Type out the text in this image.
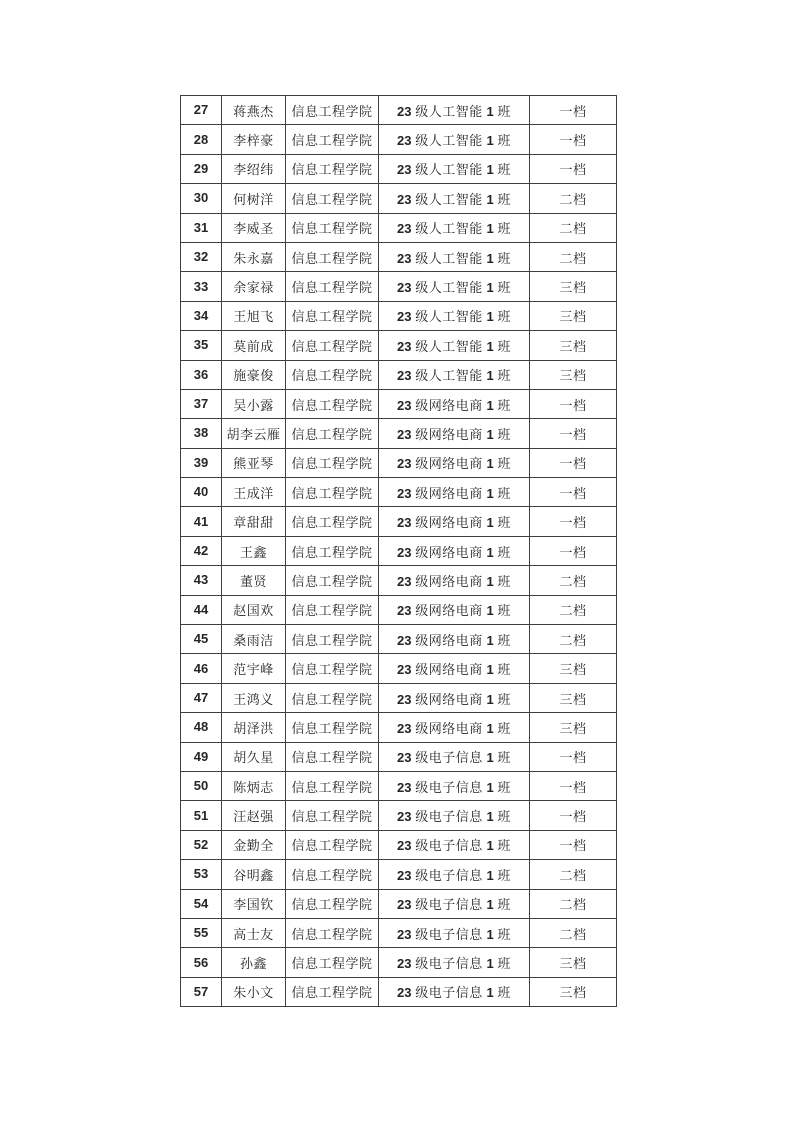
27	蒋燕杰	信息工程学院	23 级人工智能 1 班	一档
28	李梓豪	信息工程学院	23 级人工智能 1 班	一档
29	李绍纬	信息工程学院	23 级人工智能 1 班	一档
30	何树洋	信息工程学院	23 级人工智能 1 班	二档
31	李威圣	信息工程学院	23 级人工智能 1 班	二档
32	朱永嘉	信息工程学院	23 级人工智能 1 班	二档
33	余家禄	信息工程学院	23 级人工智能 1 班	三档
34	王旭飞	信息工程学院	23 级人工智能 1 班	三档
35	莫前成	信息工程学院	23 级人工智能 1 班	三档
36	施豪俊	信息工程学院	23 级人工智能 1 班	三档
37	吴小露	信息工程学院	23 级网络电商 1 班	一档
38	胡李云雁	信息工程学院	23 级网络电商 1 班	一档
39	熊亚琴	信息工程学院	23 级网络电商 1 班	一档
40	王成洋	信息工程学院	23 级网络电商 1 班	一档
41	章甜甜	信息工程学院	23 级网络电商 1 班	一档
42	王鑫	信息工程学院	23 级网络电商 1 班	一档
43	董贤	信息工程学院	23 级网络电商 1 班	二档
44	赵国欢	信息工程学院	23 级网络电商 1 班	二档
45	桑雨洁	信息工程学院	23 级网络电商 1 班	二档
46	范宇峰	信息工程学院	23 级网络电商 1 班	三档
47	王鸿义	信息工程学院	23 级网络电商 1 班	三档
48	胡泽洪	信息工程学院	23 级网络电商 1 班	三档
49	胡久星	信息工程学院	23 级电子信息 1 班	一档
50	陈炳志	信息工程学院	23 级电子信息 1 班	一档
51	汪赵强	信息工程学院	23 级电子信息 1 班	一档
52	金勤全	信息工程学院	23 级电子信息 1 班	一档
53	谷明鑫	信息工程学院	23 级电子信息 1 班	二档
54	李国钦	信息工程学院	23 级电子信息 1 班	二档
55	高士友	信息工程学院	23 级电子信息 1 班	二档
56	孙鑫	信息工程学院	23 级电子信息 1 班	三档
57	朱小文	信息工程学院	23 级电子信息 1 班	三档
